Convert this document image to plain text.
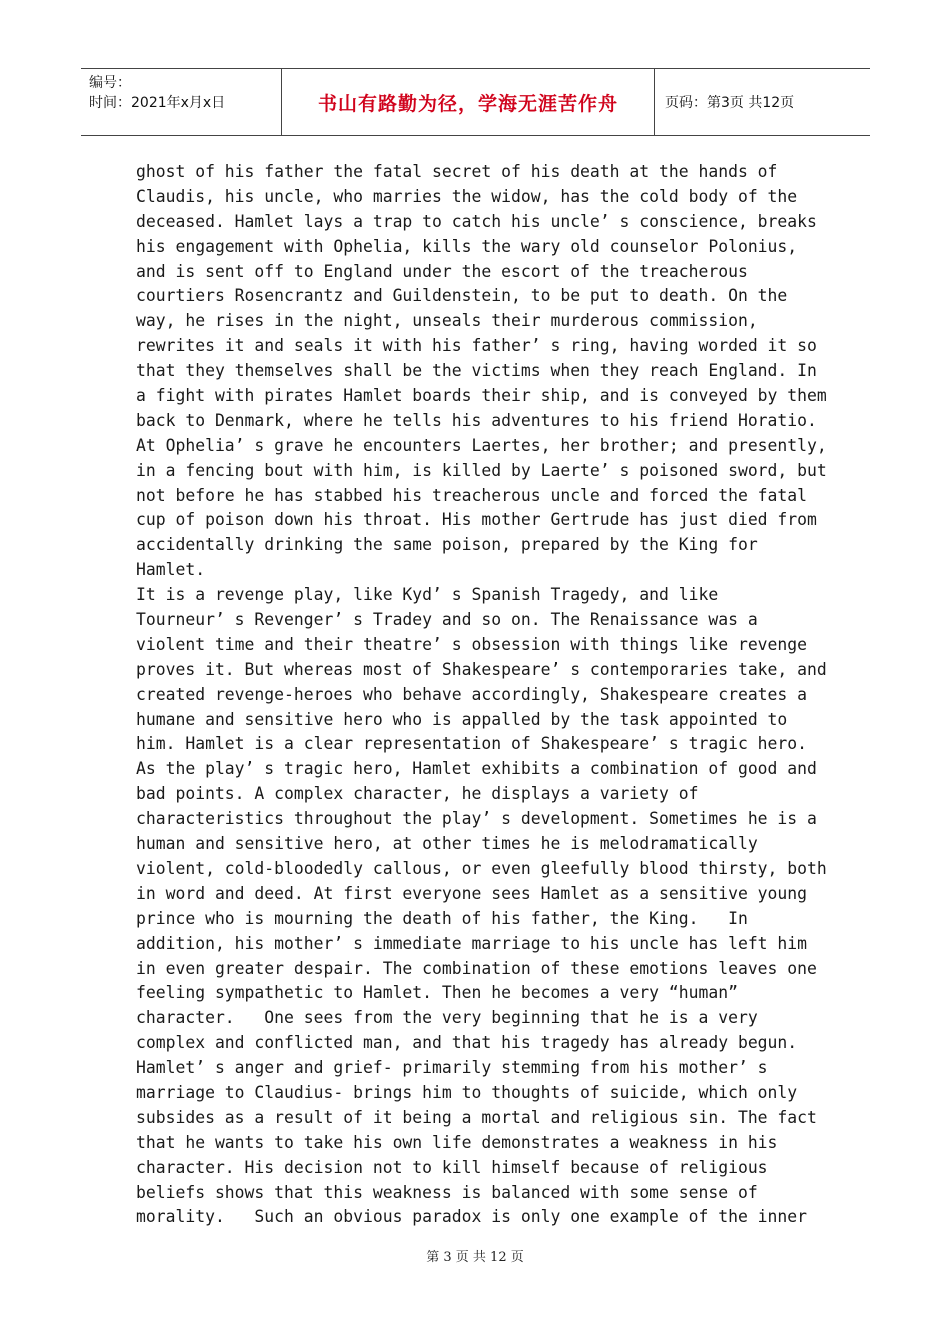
编号：
时间：2021年x月x日	书山有路勤为径，学海无涯苦作舟	页码：第3页 共12页
ghost of his father the fatal secret of his death at the hands of
Claudis, his uncle, who marries the widow, has the cold body of the
deceased. Hamlet lays a trap to catch his uncle’ s conscience, breaks
his engagement with Ophelia, kills the wary old counselor Polonius,
and is sent off to England under the escort of the treacherous
courtiers Rosencrantz and Guildenstein, to be put to death. On the
way, he rises in the night, unseals their murderous commission,
rewrites it and seals it with his father’ s ring, having worded it so
that they themselves shall be the victims when they reach England. In
a fight with pirates Hamlet boards their ship, and is conveyed by them
back to Denmark, where he tells his adventures to his friend Horatio.
At Ophelia’ s grave he encounters Laertes, her brother; and presently,
in a fencing bout with him, is killed by Laerte’ s poisoned sword, but
not before he has stabbed his treacherous uncle and forced the fatal
cup of poison down his throat. His mother Gertrude has just died from
accidentally drinking the same poison, prepared by the King for
Hamlet.
It is a revenge play, like Kyd’ s Spanish Tragedy, and like
Tourneur’ s Revenger’ s Tradey and so on. The Renaissance was a
violent time and their theatre’ s obsession with things like revenge
proves it. But whereas most of Shakespeare’ s contemporaries take, and
created revenge-heroes who behave accordingly, Shakespeare creates a
humane and sensitive hero who is appalled by the task appointed to
him. Hamlet is a clear representation of Shakespeare’ s tragic hero.
As the play’ s tragic hero, Hamlet exhibits a combination of good and
bad points. A complex character, he displays a variety of
characteristics throughout the play’ s development. Sometimes he is a
human and sensitive hero, at other times he is melodramatically
violent, cold-bloodedly callous, or even gleefully blood thirsty, both
in word and deed. At first everyone sees Hamlet as a sensitive young
prince who is mourning the death of his father, the King.   In
addition, his mother’ s immediate marriage to his uncle has left him
in even greater despair. The combination of these emotions leaves one
feeling sympathetic to Hamlet. Then he becomes a very “human”
character.   One sees from the very beginning that he is a very
complex and conflicted man, and that his tragedy has already begun.
Hamlet’ s anger and grief- primarily stemming from his mother’ s
marriage to Claudius- brings him to thoughts of suicide, which only
subsides as a result of it being a mortal and religious sin. The fact
that he wants to take his own life demonstrates a weakness in his
character. His decision not to kill himself because of religious
beliefs shows that this weakness is balanced with some sense of
morality.   Such an obvious paradox is only one example of the inner
第 3 页 共 12 页
